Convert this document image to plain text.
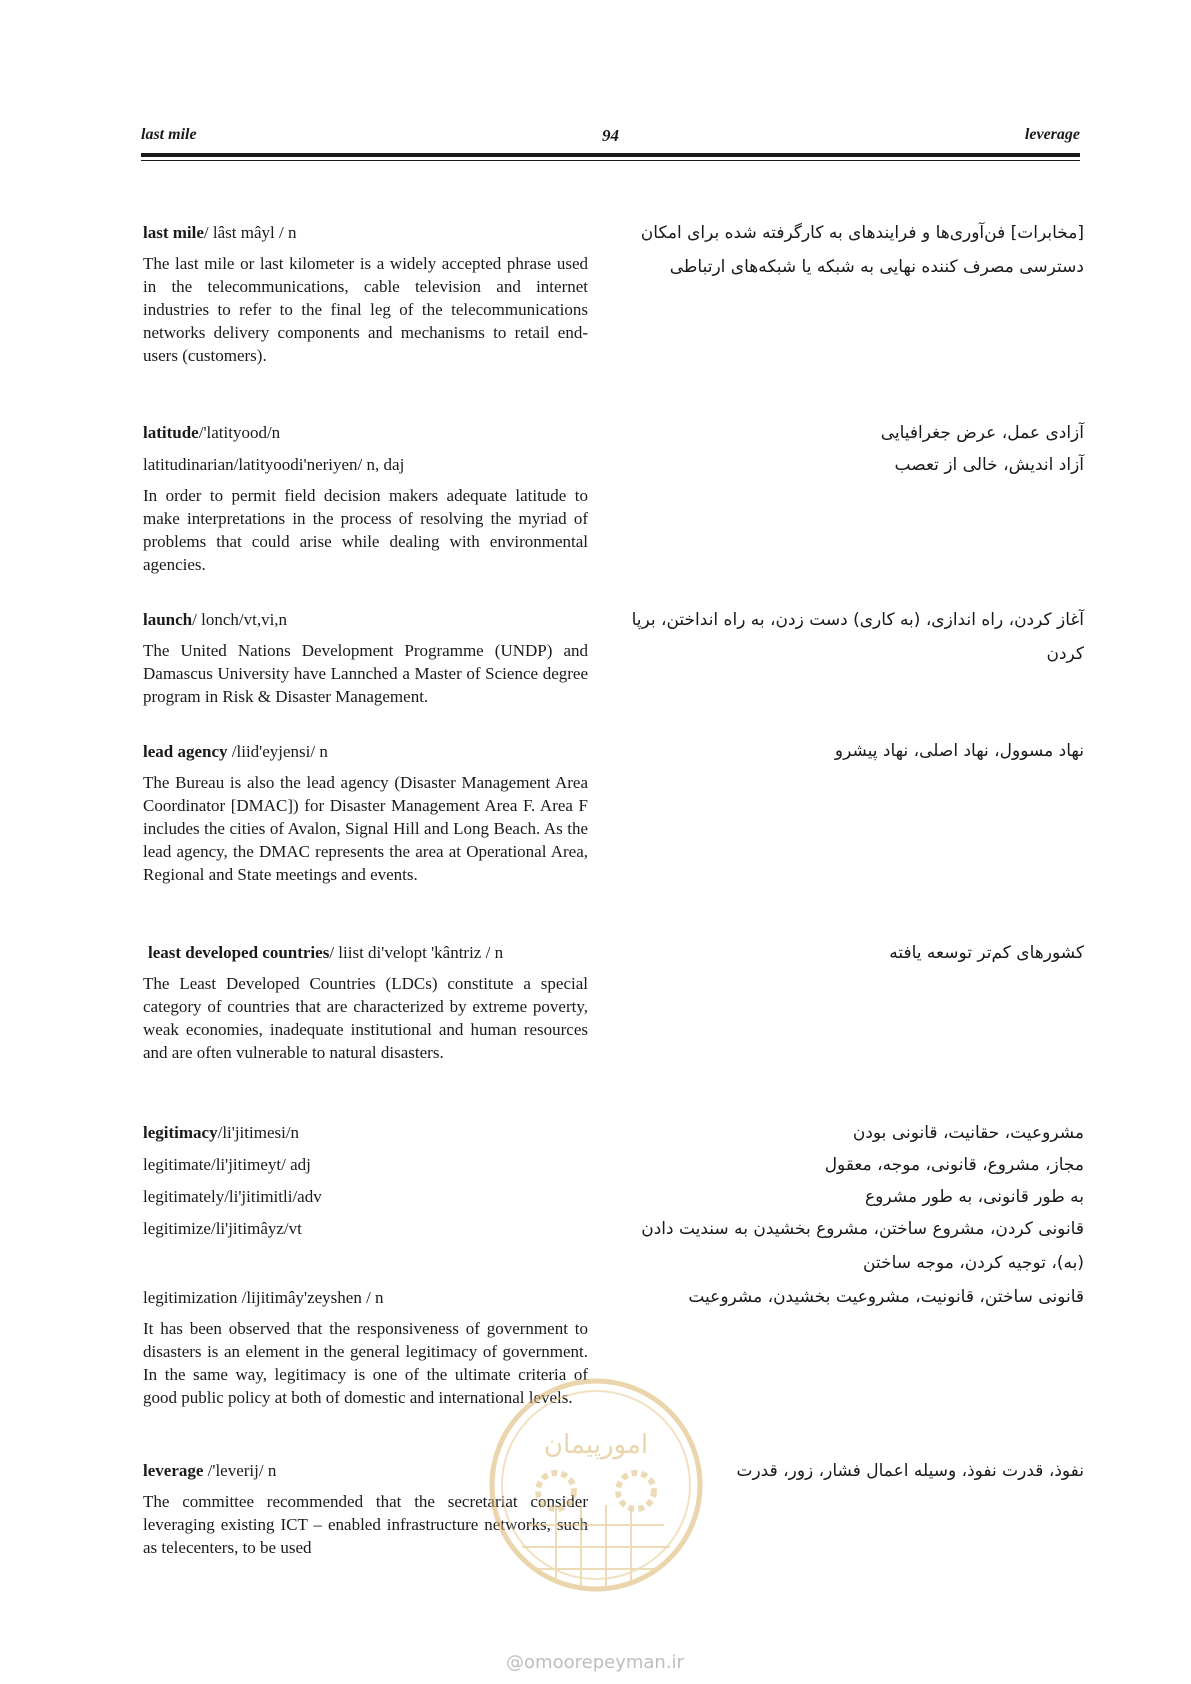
94
last mile	leverage
last mile/ lâst mâyl / n
The last mile or last kilometer is a widely accepted phrase used in the telecommunications, cable television and internet industries to refer to the final leg of the telecommunications networks delivery components and mechanisms to retail end-users (customers).
[مخابرات] فن‌آوری‌ها و فرایندهای به کارگرفته شده برای امکان دسترسی مصرف کننده نهایی به شبکه یا شبکه‌های ارتباطی
latitude/'latityood/n
latitudinarian/latityoodi'neriyen/ n, daj
In order to permit field decision makers adequate latitude to make interpretations in the process of resolving the myriad of problems that could arise while dealing with environmental agencies.
آزادی عمل، عرض جغرافیایی
آزاد اندیش، خالی از تعصب
launch/ lonch/vt,vi,n
The United Nations Development Programme (UNDP) and Damascus University have Lannched a Master of Science degree program in Risk & Disaster Management.
آغاز کردن، راه اندازی، (به کاری) دست زدن، به راه انداختن، برپا کردن
lead agency /liid'eyjensi/ n
The Bureau is also the lead agency (Disaster Management Area Coordinator [DMAC]) for Disaster Management Area F. Area F includes the cities of Avalon, Signal Hill and Long Beach. As the lead agency, the DMAC represents the area at Operational Area, Regional and State meetings and events.
نهاد مسوول، نهاد اصلی، نهاد پیشرو
least developed countries/ liist di'velopt 'kântriz / n
The Least Developed Countries (LDCs) constitute a special category of countries that are characterized by extreme poverty, weak economies, inadequate institutional and human resources and are often vulnerable to natural disasters.
کشورهای کم‌تر توسعه یافته
legitimacy/li'jitimesi/n
legitimate/li'jitimeyt/ adj
legitimately/li'jitimitli/adv
legitimize/li'jitimâyz/vt
legitimization /lijitimây'zeyshen / n
It has been observed that the responsiveness of government to disasters is an element in the general legitimacy of government. In the same way, legitimacy is one of the ultimate criteria of good public policy at both of domestic and international levels.
مشروعیت، حقانیت، قانونی بودن
مجاز، مشروع، قانونی، موجه، معقول
به طور قانونی، به طور مشروع
قانونی کردن، مشروع ساختن، مشروع بخشیدن به سندیت دادن (به)، توجیه کردن، موجه ساختن
قانونی ساختن، قانونیت، مشروعیت بخشیدن، مشروعیت
leverage /'leverij/ n
The committee recommended that the secretariat consider leveraging existing ICT – enabled infrastructure networks, such as telecenters, to be used
نفوذ، قدرت نفوذ، وسیله اعمال فشار، زور، قدرت
امورپیمان
@omoorepeyman.ir
